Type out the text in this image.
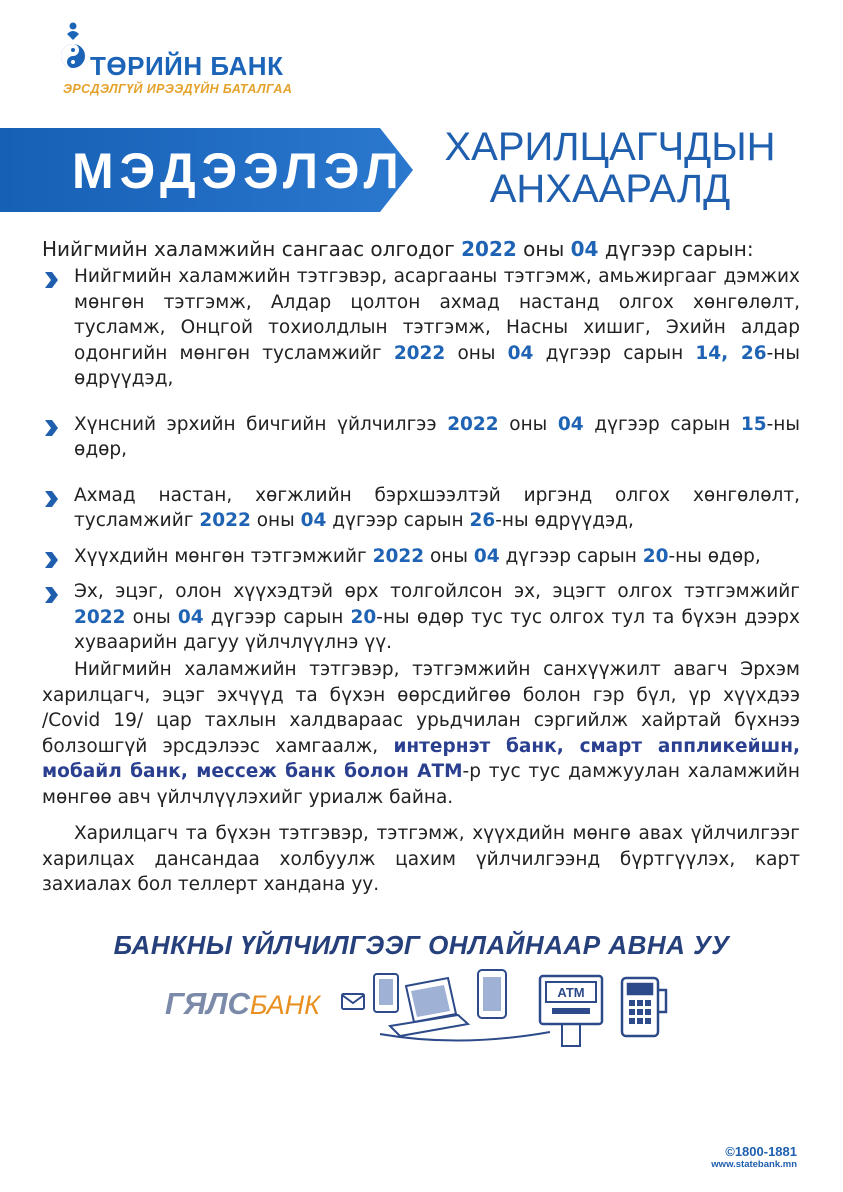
ТӨРИЙН БАНК
ЭРСДЭЛГҮЙ ИРЭЭДҮЙН БАТАЛГАА
МЭДЭЭЛЭЛ ХАРИЛЦАГЧДЫН
АНХААРАЛД
Нийгмийн халамжийн сангаас олгодог 2022 оны 04 дүгээр сарын:
Нийгмийн халамжийн тэтгэвэр, асаргааны тэтгэмж, амьжиргааг дэмжих мөнгөн тэтгэмж, Алдар цолтон ахмад настанд олгох хөнгөлөлт, тусламж, Онцгой тохиолдлын тэтгэмж, Насны хишиг, Эхийн алдар одонгийн мөнгөн тусламжийг 2022 оны 04 дүгээр сарын 14, 26-ны өдрүүдэд,
Хүнсний эрхийн бичгийн үйлчилгээ 2022 оны 04 дүгээр сарын 15-ны өдөр,
Ахмад настан, хөгжлийн бэрхшээлтэй иргэнд олгох хөнгөлөлт, тусламжийг 2022 оны 04 дүгээр сарын 26-ны өдрүүдэд,
Хүүхдийн мөнгөн тэтгэмжийг 2022 оны 04 дүгээр сарын 20-ны өдөр,
Эх, эцэг, олон хүүхэдтэй өрх толгойлсон эх, эцэгт олгох тэтгэмжийг 2022 оны 04 дүгээр сарын 20-ны өдөр тус тус олгох тул та бүхэн дээрх хуваарийн дагуу үйлчлүүлнэ үү.
Нийгмийн халамжийн тэтгэвэр, тэтгэмжийн санхүүжилт авагч Эрхэм харилцагч, эцэг эхчүүд та бүхэн өөрсдийгөө болон гэр бүл, үр хүүхдээ /Covid 19/ цар тахлын халдвараас урьдчилан сэргийлж хайртай бүхнээ болзошгүй эрсдэлээс хамгаалж, интернэт банк, смарт аппликейшн, мобайл банк, мессеж банк болон АТМ-р тус тус дамжуулан халамжийн мөнгөө авч үйлчлүүлэхийг уриалж байна.
Харилцагч та бүхэн тэтгэвэр, тэтгэмж, хүүхдийн мөнгө авах үйлчилгээг харилцах дансандаа холбуулж цахим үйлчилгээнд бүртгүүлэх, карт захиалах бол теллерт хандана уу.
БАНКНЫ ҮЙЛЧИЛГЭЭГ ОНЛАЙНААР АВНА УУ
ГЯЛСБАНК	ATM
©1800-1881
www.statebank.mn
